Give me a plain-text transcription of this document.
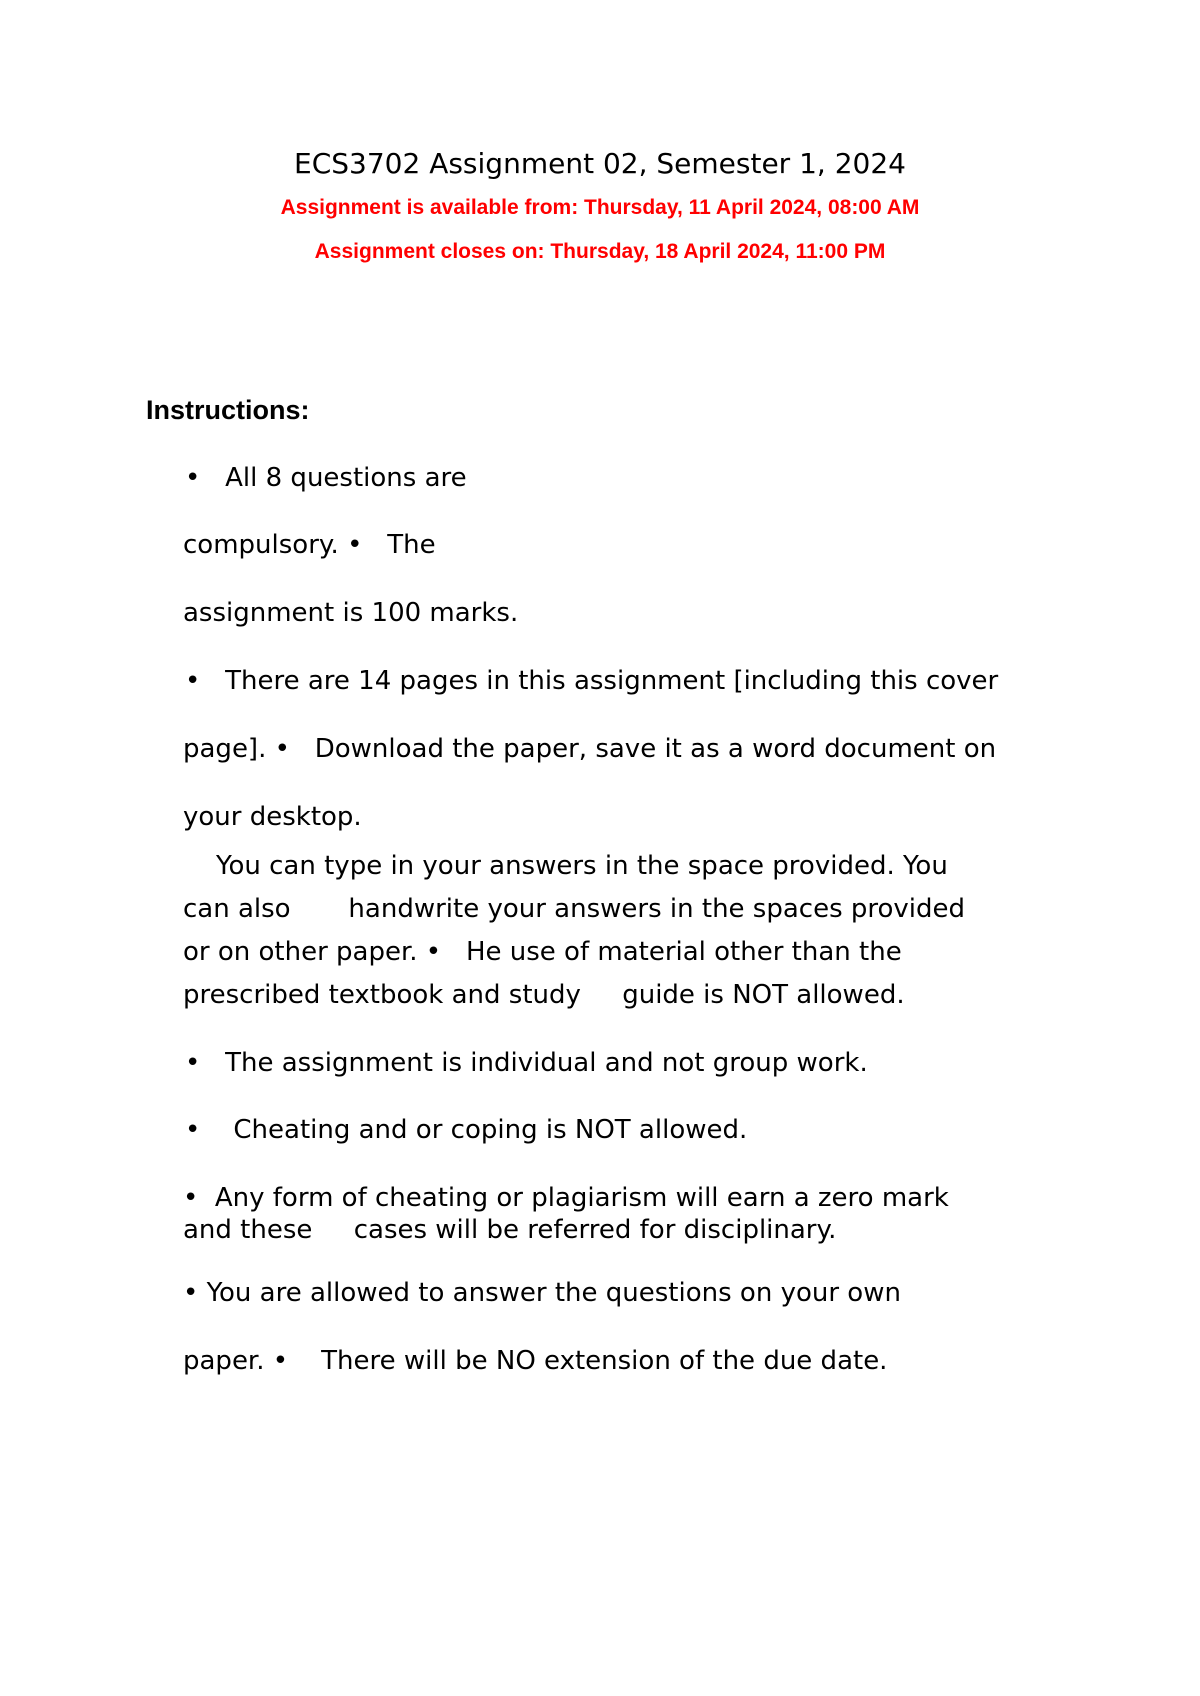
ECS3702 Assignment 02, Semester 1, 2024
Assignment is available from: Thursday, 11 April 2024, 08:00 AM
Assignment closes on: Thursday, 18 April 2024, 11:00 PM
Instructions:
•   All 8 questions are
compulsory. •   The
assignment is 100 marks.
•   There are 14 pages in this assignment [including this cover
page]. •   Download the paper, save it as a word document on
your desktop.
You can type in your answers in the space provided. You
can also       handwrite your answers in the spaces provided
or on other paper. •   He use of material other than the
prescribed textbook and study     guide is NOT allowed.
•   The assignment is individual and not group work.
•    Cheating and or coping is NOT allowed.
•  Any form of cheating or plagiarism will earn a zero mark
and these     cases will be referred for disciplinary.
• You are allowed to answer the questions on your own
paper. •    There will be NO extension of the due date.
